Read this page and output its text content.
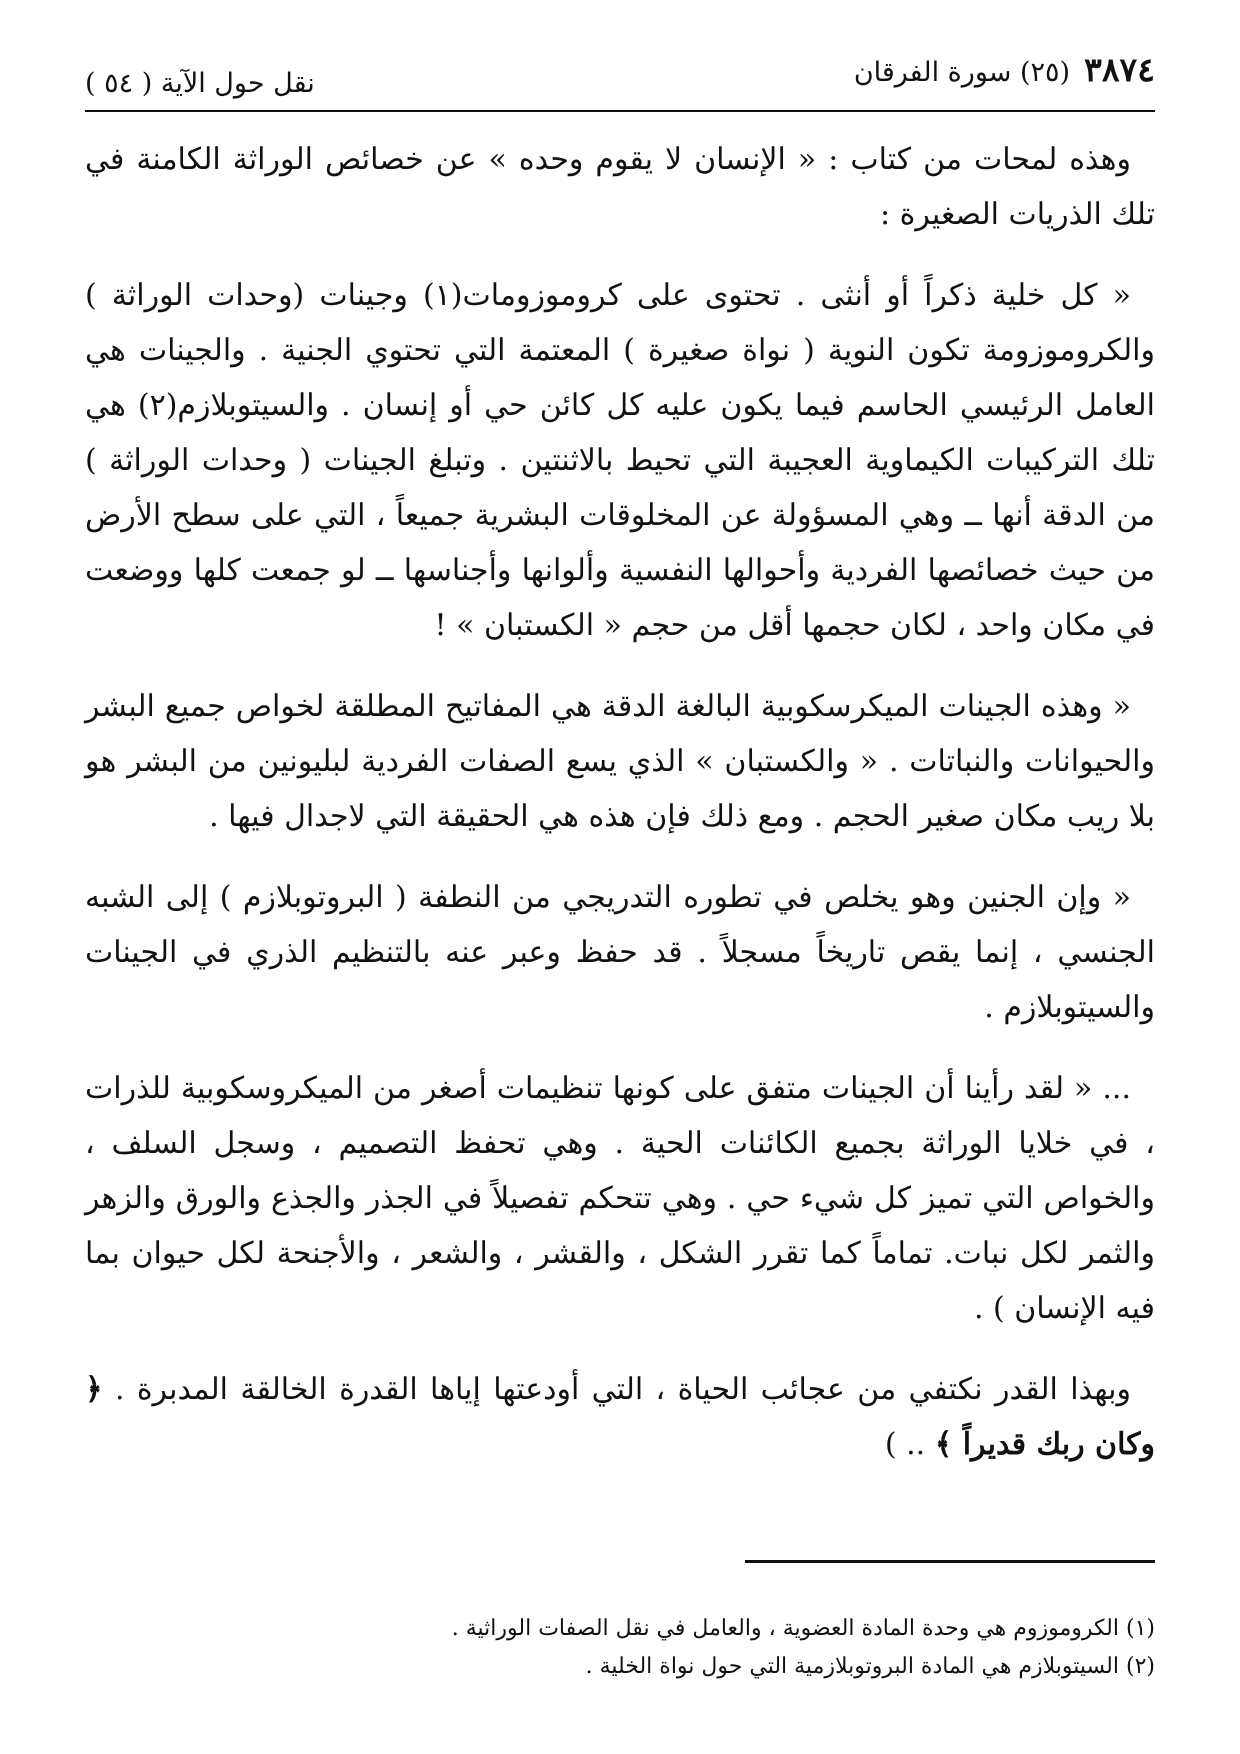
٣٨٧٤
(٢٥) سورة الفرقان
نقل حول الآية ( ٥٤ )

وهذه لمحات من كتاب : « الإنسان لا يقوم وحده » عن خصائص الوراثة الكامنة في تلك الذريات الصغيرة :

« كل خلية ذكراً أو أنثى . تحتوى على كروموزومات(١) وجينات (وحدات الوراثة ) والكروموزومة تكون النوية ( نواة صغيرة ) المعتمة التي تحتوي الجنية . والجينات هي العامل الرئيسي الحاسم فيما يكون عليه كل كائن حي أو إنسان . والسيتوبلازم(٢) هي تلك التركيبات الكيماوية العجيبة التي تحيط بالاثنتين . وتبلغ الجينات ( وحدات الوراثة ) من الدقة أنها ــ وهي المسؤولة عن المخلوقات البشرية جميعاً ، التي على سطح الأرض من حيث خصائصها الفردية وأحوالها النفسية وألوانها وأجناسها ــ لو جمعت كلها ووضعت في مكان واحد ، لكان حجمها أقل من حجم « الكستبان » !

« وهذه الجينات الميكرسكوبية البالغة الدقة هي المفاتيح المطلقة لخواص جميع البشر والحيوانات والنباتات . « والكستبان » الذي يسع الصفات الفردية لبليونين من البشر هو بلا ريب مكان صغير الحجم . ومع ذلك فإن هذه هي الحقيقة التي لاجدال فيها .

« وإن الجنين وهو يخلص في تطوره التدريجي من النطفة ( البروتوبلازم ) إلى الشبه الجنسي ، إنما يقص تاريخاً مسجلاً . قد حفظ وعبر عنه بالتنظيم الذري في الجينات والسيتوبلازم .

... « لقد رأينا أن الجينات متفق على كونها تنظيمات أصغر من الميكروسكوبية للذرات ، في خلايا الوراثة بجميع الكائنات الحية . وهي تحفظ التصميم ، وسجل السلف ، والخواص التي تميز كل شيء حي . وهي تتحكم تفصيلاً في الجذر والجذع والورق والزهر والثمر لكل نبات. تماماً كما تقرر الشكل ، والقشر ، والشعر ، والأجنحة لكل حيوان بما فيه الإنسان ) .

وبهذا القدر نكتفي من عجائب الحياة ، التي أودعتها إياها القدرة الخالقة المدبرة . ﴿ وكان ربك قديراً ﴾ .. )

(١) الكروموزوم هي وحدة المادة العضوية ، والعامل في نقل الصفات الوراثية .
(٢) السيتوبلازم هي المادة البروتوبلازمية التي حول نواة الخلية .
